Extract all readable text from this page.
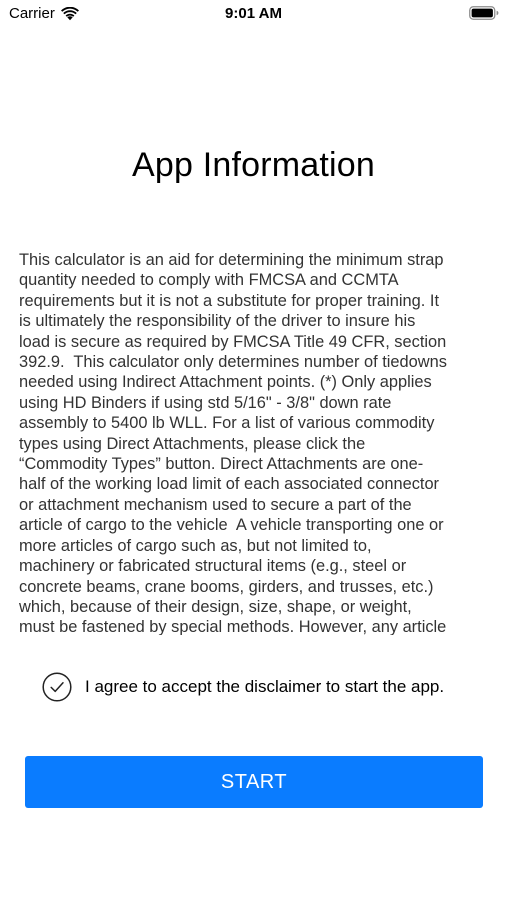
Carrier	9:01 AM
App Information

This calculator is an aid for determining the minimum strap
quantity needed to comply with FMCSA and CCMTA
requirements but it is not a substitute for proper training. It
is ultimately the responsibility of the driver to insure his
load is secure as required by FMCSA Title 49 CFR, section
392.9.  This calculator only determines number of tiedowns
needed using Indirect Attachment points. (*) Only applies
using HD Binders if using std 5/16" - 3/8" down rate
assembly to 5400 lb WLL. For a list of various commodity
types using Direct Attachments, please click the
“Commodity Types” button. Direct Attachments are one-
half of the working load limit of each associated connector
or attachment mechanism used to secure a part of the
article of cargo to the vehicle  A vehicle transporting one or
more articles of cargo such as, but not limited to,
machinery or fabricated structural items (e.g., steel or
concrete beams, crane booms, girders, and trusses, etc.)
which, because of their design, size, shape, or weight,
must be fastened by special methods. However, any article

I agree to accept the disclaimer to start the app.
START
